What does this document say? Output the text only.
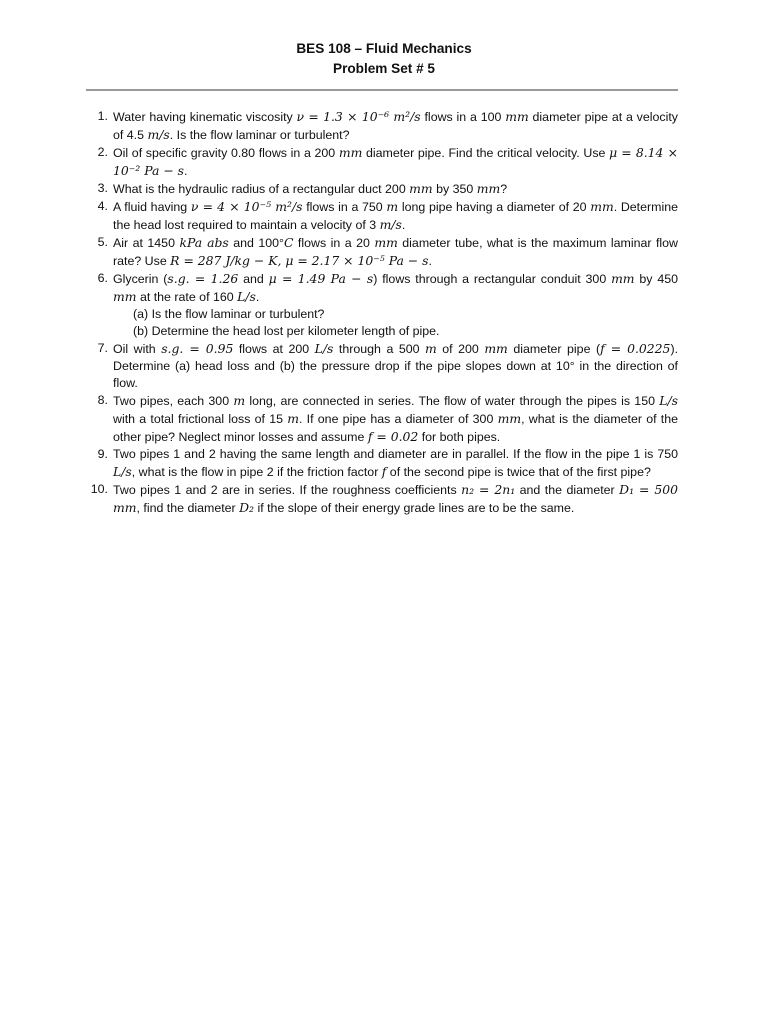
BES 108 – Fluid Mechanics
Problem Set # 5
1. Water having kinematic viscosity ν = 1.3 × 10⁻⁶ m²/s flows in a 100 mm diameter pipe at a velocity of 4.5 m/s. Is the flow laminar or turbulent?
2. Oil of specific gravity 0.80 flows in a 200 mm diameter pipe. Find the critical velocity. Use μ = 8.14 × 10⁻² Pa − s.
3. What is the hydraulic radius of a rectangular duct 200 mm by 350 mm?
4. A fluid having ν = 4 × 10⁻⁵ m²/s flows in a 750 m long pipe having a diameter of 20 mm. Determine the head lost required to maintain a velocity of 3 m/s.
5. Air at 1450 kPa abs and 100°C flows in a 20 mm diameter tube, what is the maximum laminar flow rate? Use R = 287 J/kg − K, μ = 2.17 × 10⁻⁵ Pa − s.
6. Glycerin (s.g. = 1.26 and μ = 1.49 Pa − s) flows through a rectangular conduit 300 mm by 450 mm at the rate of 160 L/s.
(a) Is the flow laminar or turbulent?
(b) Determine the head lost per kilometer length of pipe.
7. Oil with s.g. = 0.95 flows at 200 L/s through a 500 m of 200 mm diameter pipe (f = 0.0225). Determine (a) head loss and (b) the pressure drop if the pipe slopes down at 10° in the direction of flow.
8. Two pipes, each 300 m long, are connected in series. The flow of water through the pipes is 150 L/s with a total frictional loss of 15 m. If one pipe has a diameter of 300 mm, what is the diameter of the other pipe? Neglect minor losses and assume f = 0.02 for both pipes.
9. Two pipes 1 and 2 having the same length and diameter are in parallel. If the flow in the pipe 1 is 750 L/s, what is the flow in pipe 2 if the friction factor f of the second pipe is twice that of the first pipe?
10. Two pipes 1 and 2 are in series. If the roughness coefficients n₂ = 2n₁ and the diameter D₁ = 500 mm, find the diameter D₂ if the slope of their energy grade lines are to be the same.
